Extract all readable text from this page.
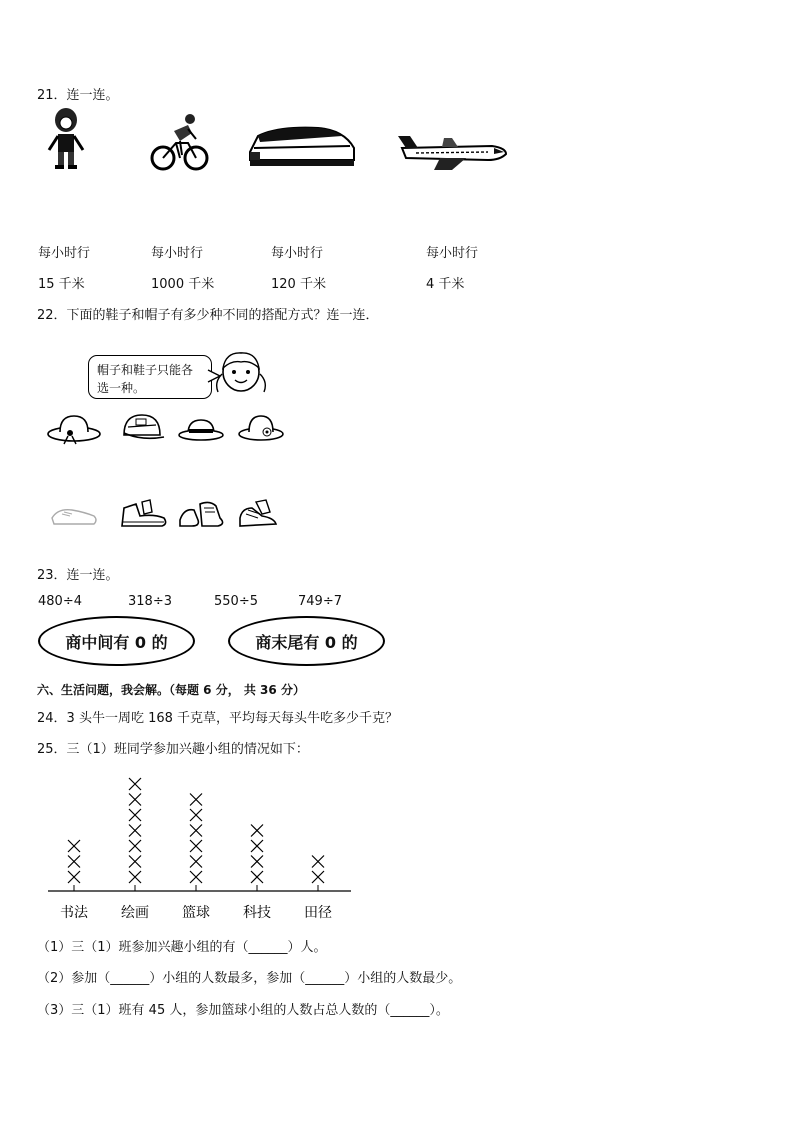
21．连一连。
每小时行	每小时行	每小时行	每小时行
15 千米	1000 千米	120 千米	4 千米
22．下面的鞋子和帽子有多少种不同的搭配方式？连一连．
帽子和鞋子只能各选一种。
23．连一连。
480÷4	318÷3	550÷5	749÷7
商中间有 0 的	商末尾有 0 的
六、生活问题，我会解。（每题 6 分， 共 36 分）
24．3 头牛一周吃 168 千克草，平均每天每头牛吃多少千克？
25．三（1）班同学参加兴趣小组的情况如下：
书法 绘画 篮球 科技 田径
（1）三（1）班参加兴趣小组的有（______）人。
（2）参加（______）小组的人数最多，参加（______）小组的人数最少。
（3）三（1）班有 45 人，参加篮球小组的人数占总人数的（______）。
